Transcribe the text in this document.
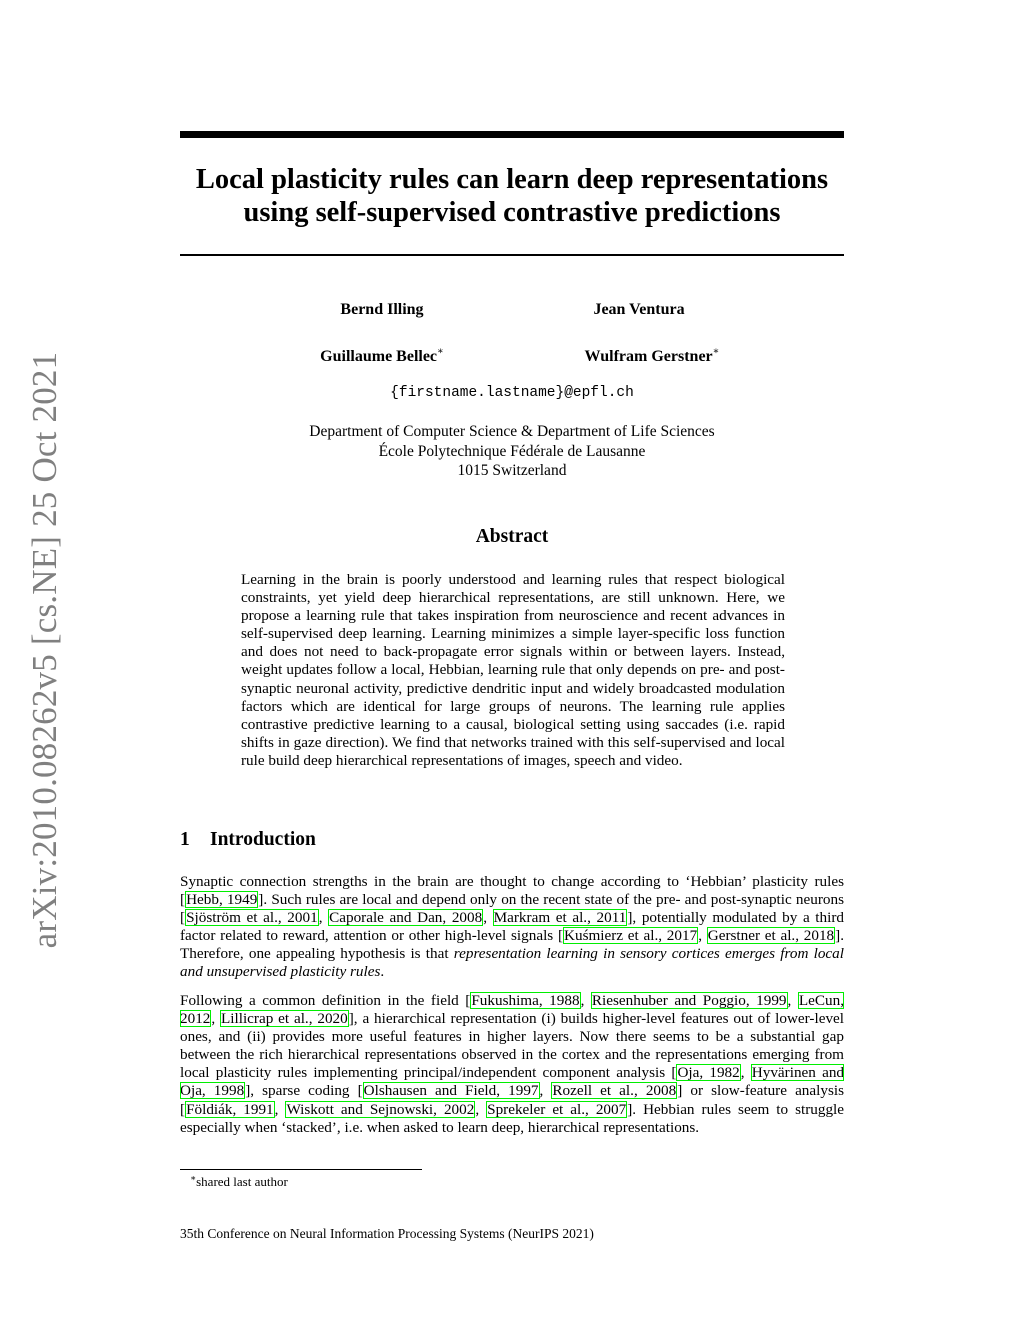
arXiv:2010.08262v5 [cs.NE] 25 Oct 2021
Local plasticity rules can learn deep representations
using self-supervised contrastive predictions
Bernd Illing	Jean Ventura
Guillaume Bellec∗	Wulfram Gerstner∗
{firstname.lastname}@epfl.ch
Department of Computer Science & Department of Life Sciences
École Polytechnique Fédérale de Lausanne
1015 Switzerland
Abstract
Learning in the brain is poorly understood and learning rules that respect biological constraints, yet yield deep hierarchical representations, are still unknown. Here, we propose a learning rule that takes inspiration from neuroscience and recent advances in self-supervised deep learning. Learning minimizes a simple layer-specific loss function and does not need to back-propagate error signals within or between layers. Instead, weight updates follow a local, Hebbian, learning rule that only depends on pre- and post-synaptic neuronal activity, predictive dendritic input and widely broadcasted modulation factors which are identical for large groups of neurons. The learning rule applies contrastive predictive learning to a causal, biological setting using saccades (i.e. rapid shifts in gaze direction). We find that networks trained with this self-supervised and local rule build deep hierarchical representations of images, speech and video.
1 Introduction
Synaptic connection strengths in the brain are thought to change according to ‘Hebbian’ plasticity rules [Hebb, 1949]. Such rules are local and depend only on the recent state of the pre- and post-synaptic neurons [Sjöström et al., 2001, Caporale and Dan, 2008, Markram et al., 2011], potentially modulated by a third factor related to reward, attention or other high-level signals [Kuśmierz et al., 2017, Gerstner et al., 2018]. Therefore, one appealing hypothesis is that representation learning in sensory cortices emerges from local and unsupervised plasticity rules.
Following a common definition in the field [Fukushima, 1988, Riesenhuber and Poggio, 1999, LeCun, 2012, Lillicrap et al., 2020], a hierarchical representation (i) builds higher-level features out of lower-level ones, and (ii) provides more useful features in higher layers. Now there seems to be a substantial gap between the rich hierarchical representations observed in the cortex and the representations emerging from local plasticity rules implementing principal/independent component analysis [Oja, 1982, Hyvärinen and Oja, 1998], sparse coding [Olshausen and Field, 1997, Rozell et al., 2008] or slow-feature analysis [Földiák, 1991, Wiskott and Sejnowski, 2002, Sprekeler et al., 2007]. Hebbian rules seem to struggle especially when ‘stacked’, i.e. when asked to learn deep, hierarchical representations.
∗shared last author
35th Conference on Neural Information Processing Systems (NeurIPS 2021)
